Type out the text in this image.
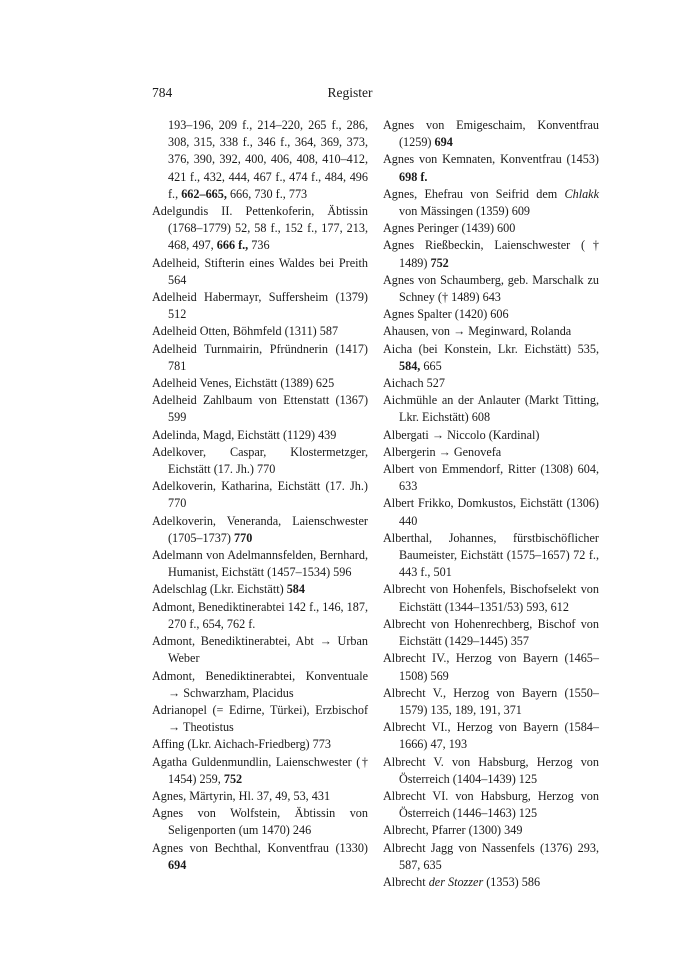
784	Register

193–196, 209 f., 214–220, 265 f., 286, 308, 315, 338 f., 346 f., 364, 369, 373, 376, 390, 392, 400, 406, 408, 410–412, 421 f., 432, 444, 467 f., 474 f., 484, 496 f., 662–665, 666, 730 f., 773

Adelgundis II. Pettenkoferin, Äbtissin (1768–1779) 52, 58 f., 152 f., 177, 213, 468, 497, 666 f., 736

Adelheid, Stifterin eines Waldes bei Preith 564

Adelheid Habermayr, Suffersheim (1379) 512

Adelheid Otten, Böhmfeld (1311) 587

Adelheid Turnmairin, Pfründnerin (1417) 781

Adelheid Venes, Eichstätt (1389) 625

Adelheid Zahlbaum von Ettenstatt (1367) 599

Adelinda, Magd, Eichstätt (1129) 439

Adelkover, Caspar, Klostermetzger, Eichstätt (17. Jh.) 770

Adelkoverin, Katharina, Eichstätt (17. Jh.) 770

Adelkoverin, Veneranda, Laienschwester (1705–1737) 770

Adelmann von Adelmannsfelden, Bernhard, Humanist, Eichstätt (1457–1534) 596

Adelschlag (Lkr. Eichstätt) 584

Admont, Benediktinerabtei 142 f., 146, 187, 270 f., 654, 762 f.

Admont, Benediktinerabtei, Abt → Urban Weber

Admont, Benediktinerabtei, Konventuale → Schwarzham, Placidus

Adrianopel (= Edirne, Türkei), Erzbischof → Theotistus

Affing (Lkr. Aichach-Friedberg) 773

Agatha Guldenmundlin, Laienschwester († 1454) 259, 752

Agnes, Märtyrin, Hl. 37, 49, 53, 431

Agnes von Wolfstein, Äbtissin von Seligenporten (um 1470) 246

Agnes von Bechthal, Konventfrau (1330) 694

Agnes von Emigeschaim, Konventfrau (1259) 694

Agnes von Kemnaten, Konventfrau (1453) 698 f.

Agnes, Ehefrau von Seifrid dem Chlakk von Mässingen (1359) 609

Agnes Peringer (1439) 600

Agnes Rießbeckin, Laienschwester († 1489) 752

Agnes von Schaumberg, geb. Marschalk zu Schney († 1489) 643

Agnes Spalter (1420) 606

Ahausen, von → Meginward, Rolanda

Aicha (bei Konstein, Lkr. Eichstätt) 535, 584, 665

Aichach 527

Aichmühle an der Anlauter (Markt Titting, Lkr. Eichstätt) 608

Albergati → Niccolo (Kardinal)

Albergerin → Genovefa

Albert von Emmendorf, Ritter (1308) 604, 633

Albert Frikko, Domkustos, Eichstätt (1306) 440

Alberthal, Johannes, fürstbischöflicher Baumeister, Eichstätt (1575–1657) 72 f., 443 f., 501

Albrecht von Hohenfels, Bischofselekt von Eichstätt (1344–1351/53) 593, 612

Albrecht von Hohenrechberg, Bischof von Eichstätt (1429–1445) 357

Albrecht IV., Herzog von Bayern (1465–1508) 569

Albrecht V., Herzog von Bayern (1550–1579) 135, 189, 191, 371

Albrecht VI., Herzog von Bayern (1584–1666) 47, 193

Albrecht V. von Habsburg, Herzog von Österreich (1404–1439) 125

Albrecht VI. von Habsburg, Herzog von Österreich (1446–1463) 125

Albrecht, Pfarrer (1300) 349

Albrecht Jagg von Nassenfels (1376) 293, 587, 635

Albrecht der Stozzer (1353) 586
